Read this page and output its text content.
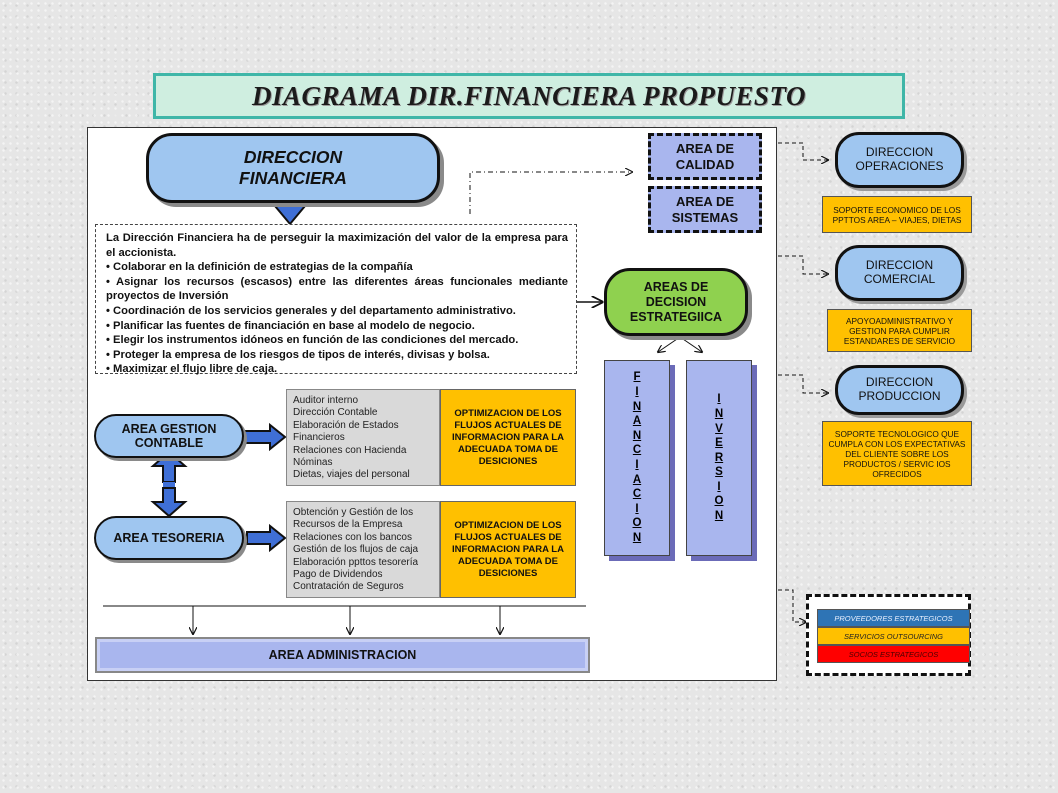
DIAGRAMA DIR.FINANCIERA PROPUESTO
DIRECCION
FINANCIERA
AREA DE
CALIDAD
AREA DE
SISTEMAS

La Dirección Financiera ha de perseguir la maximización del valor de la empresa para el accionista.

• Colaborar en la definición de estrategias de la compañía

• Asignar los recursos (escasos) entre las diferentes áreas funcionales mediante proyectos de Inversión

• Coordinación de los servicios generales y del departamento administrativo.

• Planificar las fuentes de financiación en base al modelo de negocio.

• Elegir los instrumentos idóneos en función de las condiciones del mercado.

• Proteger la empresa de los riesgos de tipos de interés, divisas y bolsa.

• Maximizar el flujo libre de caja.

AREAS DE
DECISION
ESTRATEGIICA
F
I
N
A
N
C
I
A
C
I
O
N
I
N
V
E
R
S
I
O
N
AREA GESTION
CONTABLE
Auditor interno
Dirección Contable
Elaboración de Estados
Financieros
Relaciones con Hacienda
Nóminas
Dietas, viajes del personal
OPTIMIZACION DE LOS FLUJOS ACTUALES DE INFORMACION PARA LA ADECUADA TOMA DE DESICIONES
AREA TESORERIA
Obtención y Gestión de los
Recursos de la Empresa
Relaciones con los bancos
Gestión de los flujos de caja
Elaboración ppttos tesorería
Pago de Dividendos
Contratación de Seguros
OPTIMIZACION DE LOS FLUJOS ACTUALES DE INFORMACION PARA LA ADECUADA TOMA DE DESICIONES
AREA ADMINISTRACION
DIRECCION
OPERACIONES
SOPORTE ECONOMICO DE LOS PPTTOS AREA – VIAJES, DIETAS
DIRECCION
COMERCIAL
APOYOADMINISTRATIVO Y GESTION PARA CUMPLIR ESTANDARES DE SERVICIO
DIRECCION
PRODUCCION
SOPORTE TECNOLOGICO QUE CUMPLA CON LOS EXPECTATIVAS DEL CLIENTE SOBRE LOS PRODUCTOS / SERVIC IOS OFRECIDOS
PROVEEDORES ESTRATEGICOS
SERVICIOS OUTSOURCING
SOCIOS ESTRATEGICOS
